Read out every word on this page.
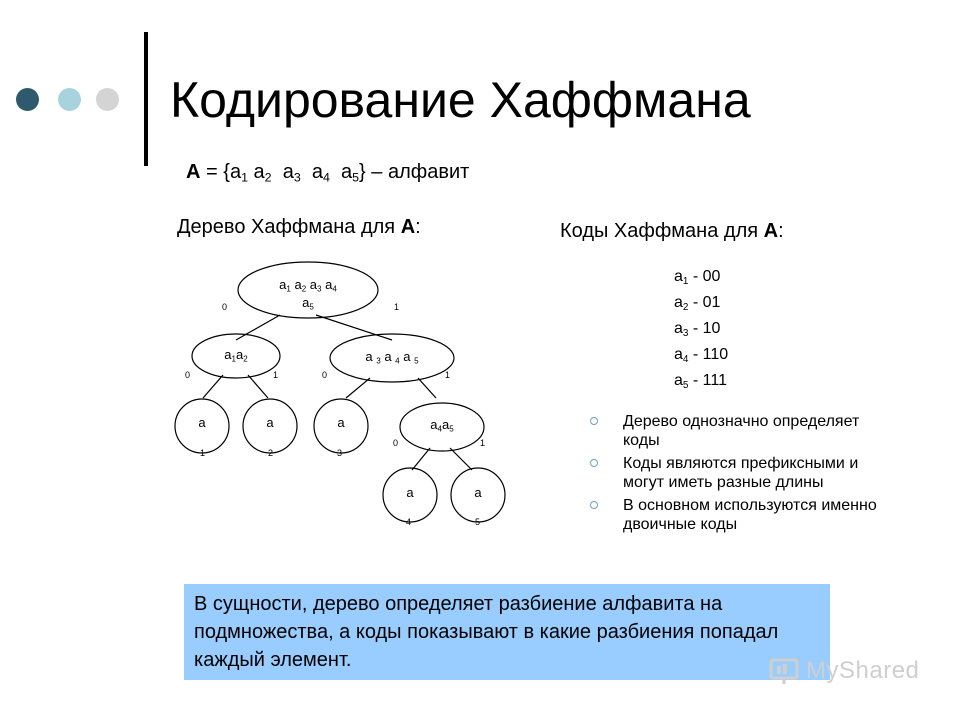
Кодирование Хаффмана
$A = \{a_1$ $a_2$ $a_3$ $a_4$ $a_5$} – алфавит
Дерево Хаффмана для A:	Коды Хаффмана для A:
$a_1$ $a_2$ $a_3$ $a_4$
$a_5$
$a_1a_2$	a $_3$ a $_4$ a $_5$
$a_4a_5$
a	a	a
a	a
1	2	3
4	5
0	1
0	1	0	1
0	1
$a_1 - 00$
$a_2 - 01$
$a_3 - 10$
$a_4 - 110$
$a_5 - 111$
Дерево однозначно определяет коды
Коды являются префиксными и могут иметь разные длины
В основном используются именно двоичные коды
В сущности, дерево определяет разбиение алфавита на подмножества, а коды показывают в какие разбиения попадал каждый элемент.	MyShared
